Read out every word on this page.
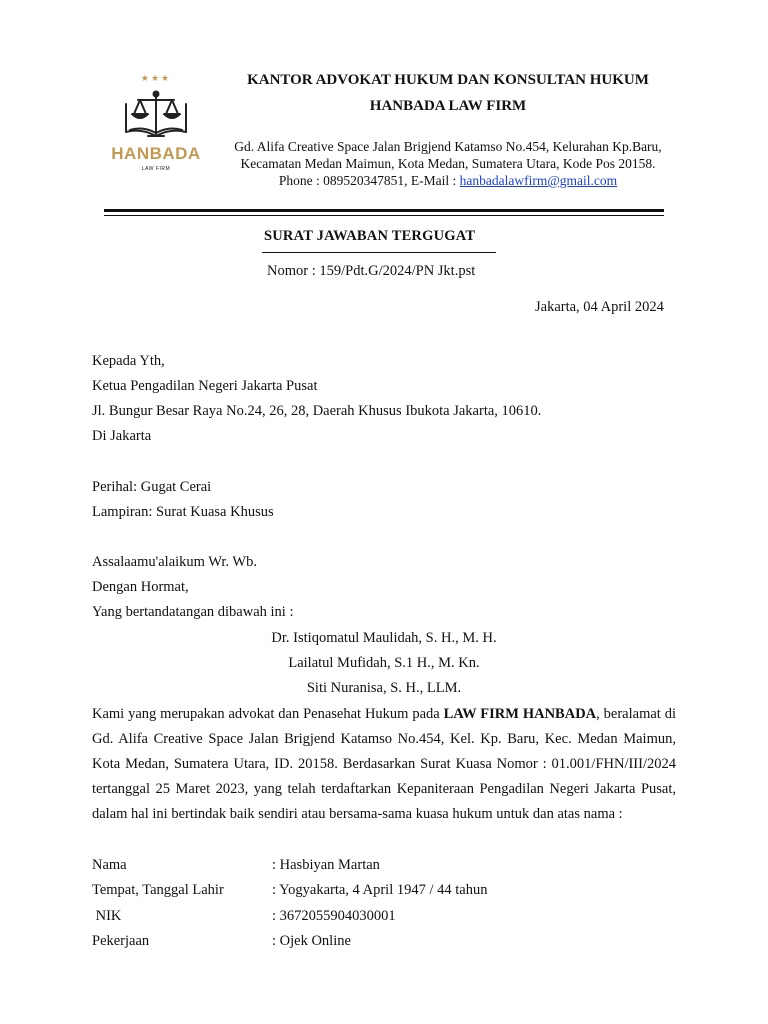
★★★
HANBADA
LAW FIRM
KANTOR ADVOKAT HUKUM DAN KONSULTAN HUKUM
HANBADA LAW FIRM
Gd. Alifa Creative Space Jalan Brigjend Katamso No.454, Kelurahan Kp.Baru,
Kecamatan Medan Maimun, Kota Medan, Sumatera Utara, Kode Pos 20158.
Phone : 089520347851, E-Mail : hanbadalawfirm@gmail.com
SURAT JAWABAN TERGUGAT
Nomor : 159/Pdt.G/2024/PN Jkt.pst
Jakarta, 04 April 2024
Kepada Yth,
Ketua Pengadilan Negeri Jakarta Pusat
Jl. Bungur Besar Raya No.24, 26, 28, Daerah Khusus Ibukota Jakarta, 10610.
Di Jakarta
Perihal: Gugat Cerai
Lampiran: Surat Kuasa Khusus
Assalaamu'alaikum Wr. Wb.
Dengan Hormat,
Yang bertandatangan dibawah ini :
Dr. Istiqomatul Maulidah, S. H., M. H.
Lailatul Mufidah, S.1 H., M. Kn.
Siti Nuranisa, S. H., LLM.

Kami yang merupakan advokat dan Penasehat Hukum pada LAW FIRM HANBADA, beralamat di Gd. Alifa Creative Space Jalan Brigjend Katamso No.454, Kel. Kp. Baru, Kec. Medan Maimun, Kota Medan, Sumatera Utara, ID. 20158. Berdasarkan Surat Kuasa Nomor : 01.001/FHN/III/2024 tertanggal 25 Maret 2023, yang telah terdaftarkan Kepaniteraan Pengadilan Negeri Jakarta Pusat, dalam hal ini bertindak baik sendiri atau bersama-sama kuasa hukum untuk dan atas nama :

Nama	: Hasbiyan Martan
Tempat, Tanggal Lahir	: Yogyakarta, 4 April 1947 / 44 tahun
NIK	: 3672055904030001
Pekerjaan	: Ojek Online
